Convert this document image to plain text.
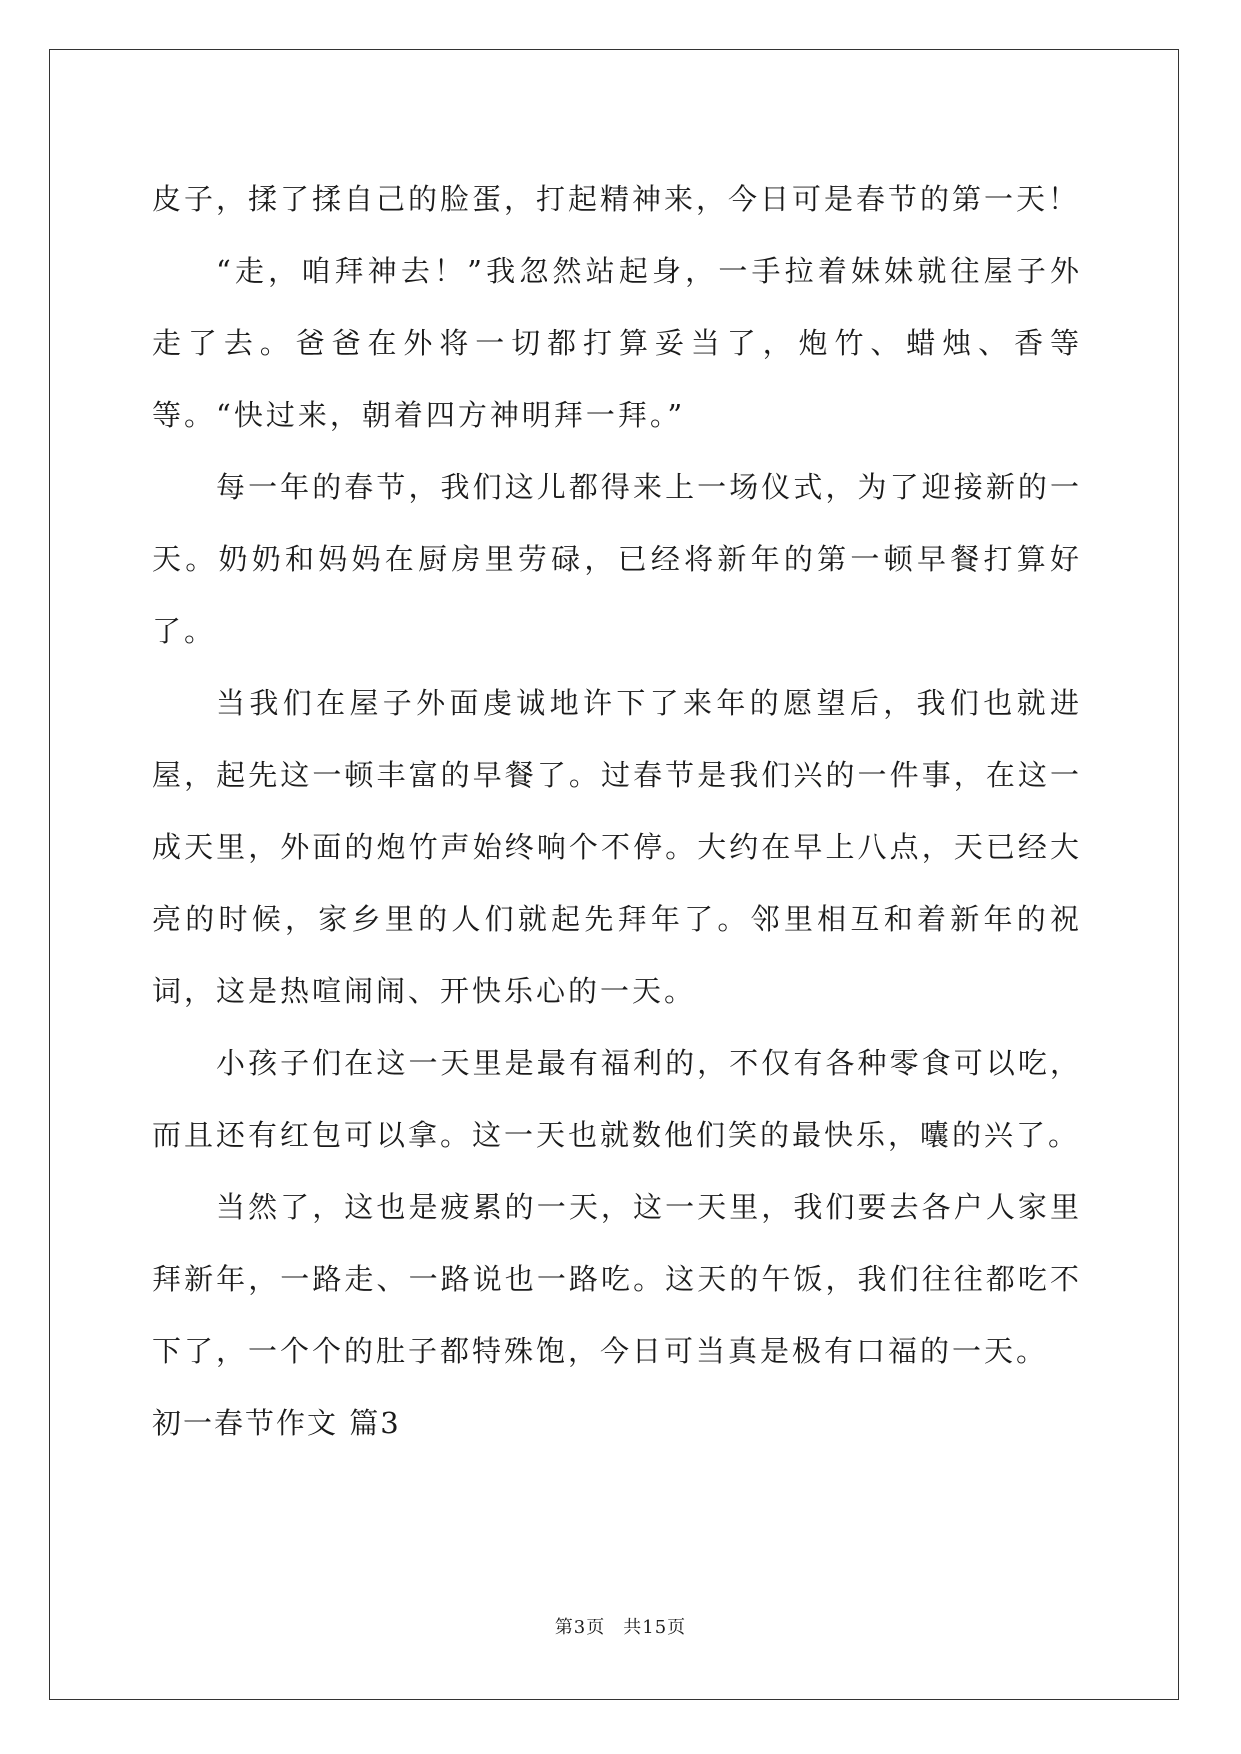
皮子，揉了揉自己的脸蛋，打起精神来，今日可是春节的第一天！

“走，咱拜神去！”我忽然站起身，一手拉着妹妹就往屋子外走了去。爸爸在外将一切都打算妥当了，炮竹、蜡烛、香等等。“快过来，朝着四方神明拜一拜。”

每一年的春节，我们这儿都得来上一场仪式，为了迎接新的一天。奶奶和妈妈在厨房里劳碌，已经将新年的第一顿早餐打算好了。

当我们在屋子外面虔诚地许下了来年的愿望后，我们也就进屋，起先这一顿丰富的早餐了。过春节是我们兴的一件事，在这一成天里，外面的炮竹声始终响个不停。大约在早上八点，天已经大亮的时候，家乡里的人们就起先拜年了。邻里相互和着新年的祝词，这是热喧闹闹、开快乐心的一天。

小孩子们在这一天里是最有福利的，不仅有各种零食可以吃，而且还有红包可以拿。这一天也就数他们笑的最快乐，囔的兴了。

当然了，这也是疲累的一天，这一天里，我们要去各户人家里拜新年，一路走、一路说也一路吃。这天的午饭，我们往往都吃不下了，一个个的肚子都特殊饱，今日可当真是极有口福的一天。

初一春节作文 篇3

第3页 共15页
